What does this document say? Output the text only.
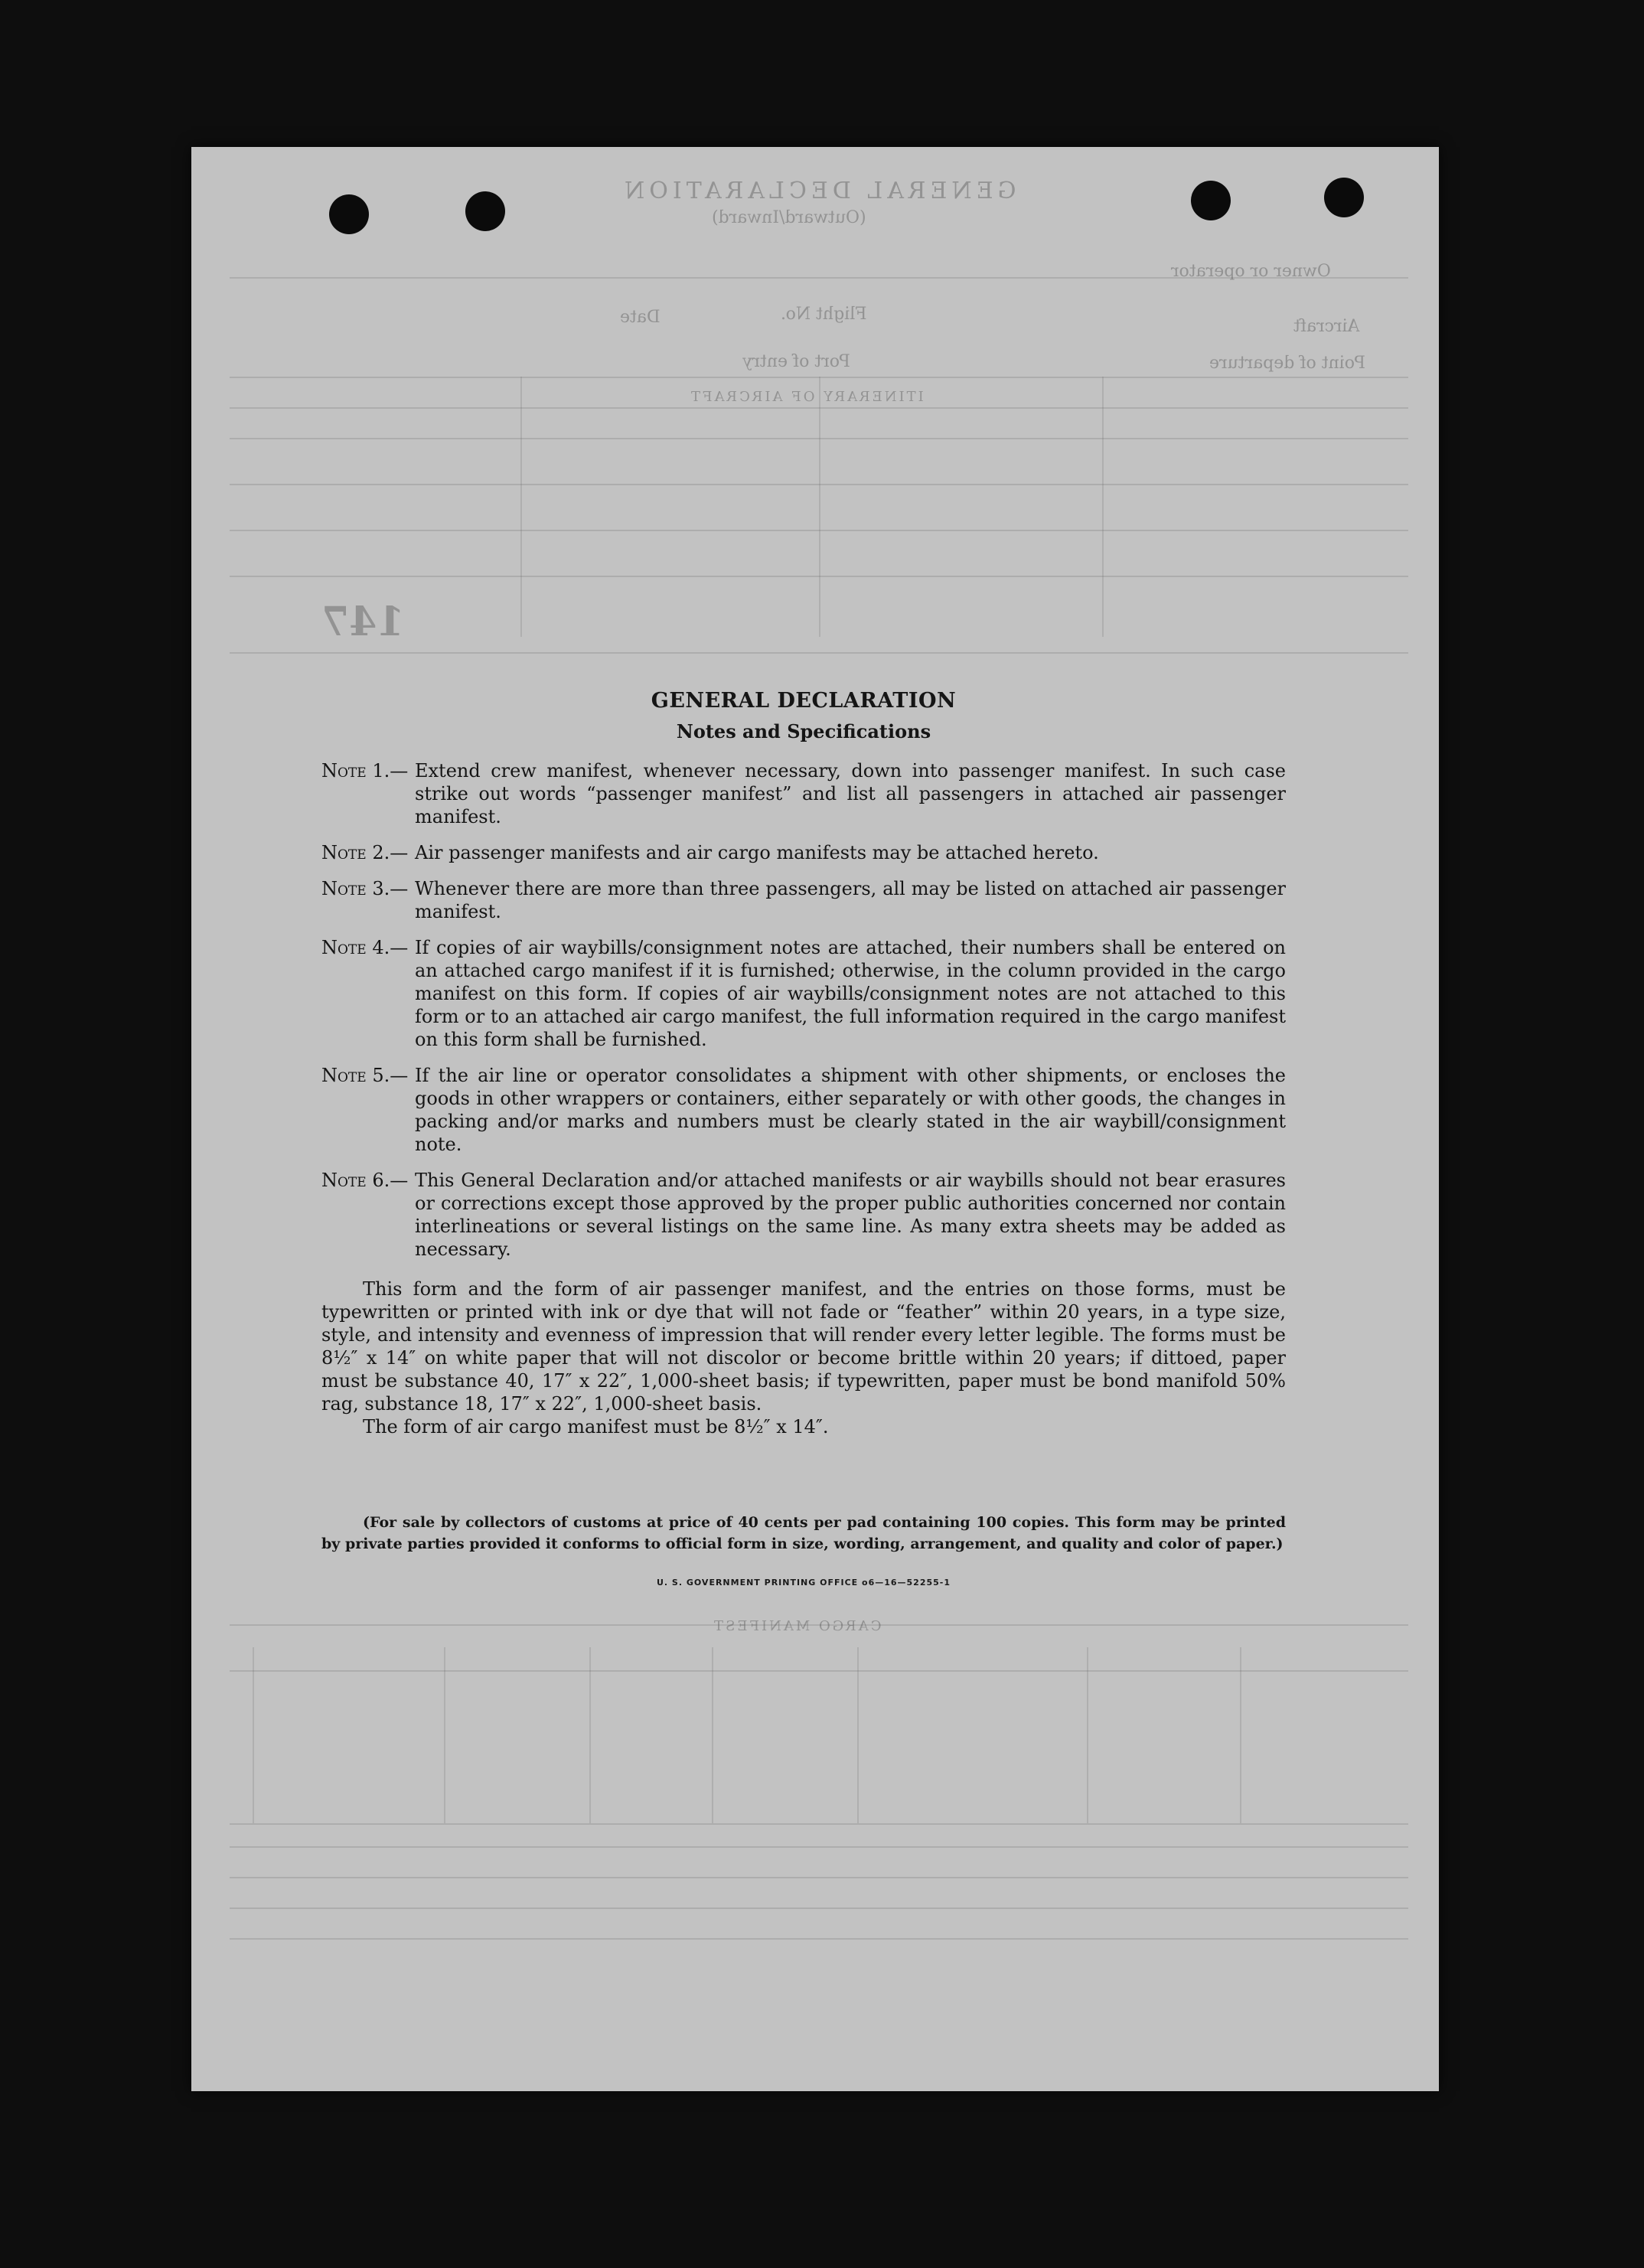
GENERAL DECLARATION
(Outward/Inward)
Owner or operator
Aircraft
Flight No.
Date
Point of departure
Port of entry
ITINERARY OF AIRCRAFT
147
CARGO MANIFEST
GENERAL DECLARATION
Notes and Specifications
Note 1.— Extend crew manifest, whenever necessary, down into passenger manifest. In such case strike out words “passenger manifest” and list all passengers in attached air passenger manifest.
Note 2.— Air passenger manifests and air cargo manifests may be attached hereto.
Note 3.— Whenever there are more than three passengers, all may be listed on attached air passenger manifest.
Note 4.— If copies of air waybills/consignment notes are attached, their numbers shall be entered on an attached cargo manifest if it is furnished; otherwise, in the column provided in the cargo manifest on this form. If copies of air waybills/consignment notes are not attached to this form or to an attached air cargo manifest, the full information required in the cargo manifest on this form shall be furnished.
Note 5.— If the air line or operator consolidates a shipment with other shipments, or encloses the goods in other wrappers or containers, either separately or with other goods, the changes in packing and/or marks and numbers must be clearly stated in the air waybill/consignment note.
Note 6.— This General Declaration and/or attached manifests or air waybills should not bear erasures or corrections except those approved by the proper public authorities concerned nor contain interlineations or several listings on the same line. As many extra sheets may be added as necessary.
This form and the form of air passenger manifest, and the entries on those forms, must be typewritten or printed with ink or dye that will not fade or “feather” within 20 years, in a type size, style, and intensity and evenness of impression that will render every letter legible. The forms must be 8½″ x 14″ on white paper that will not discolor or become brittle within 20 years; if dittoed, paper must be substance 40, 17″ x 22″, 1,000-sheet basis; if typewritten, paper must be bond manifold 50% rag, substance 18, 17″ x 22″, 1,000-sheet basis.
The form of air cargo manifest must be 8½″ x 14″.
(For sale by collectors of customs at price of 40 cents per pad containing 100 copies. This form may be printed by private parties provided it conforms to official form in size, wording, arrangement, and quality and color of paper.)
U. S. GOVERNMENT PRINTING OFFICE o6—16—52255-1
